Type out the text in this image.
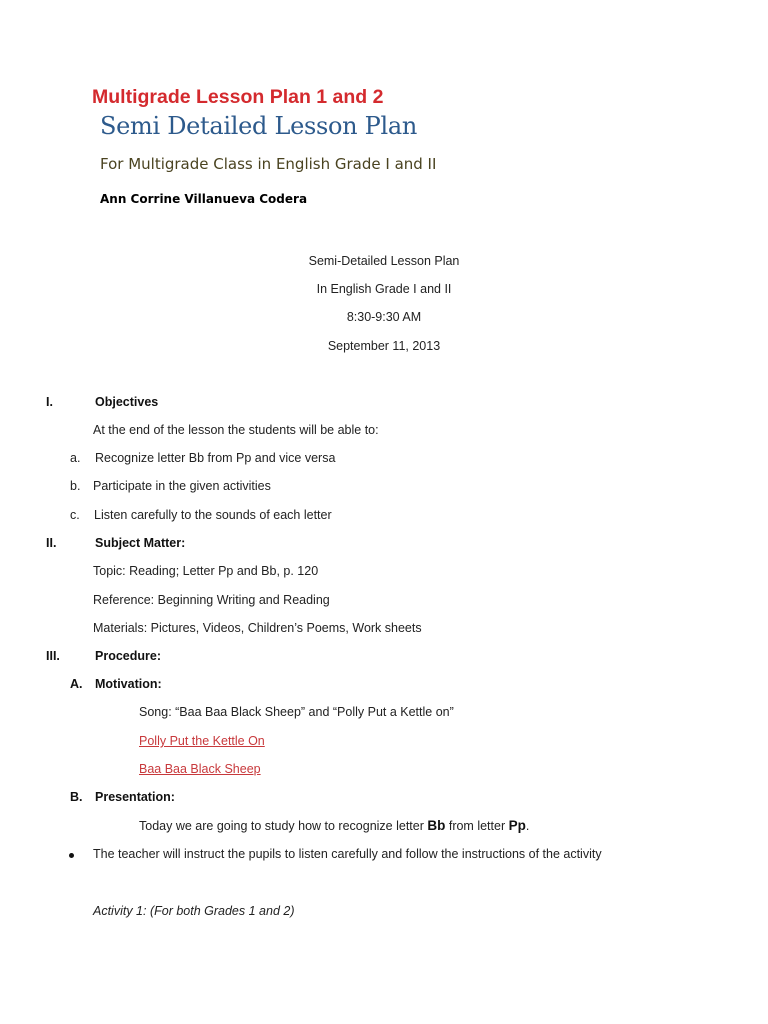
Multigrade Lesson Plan 1 and 2
Semi Detailed Lesson Plan
For Multigrade Class in English Grade I and II
Ann Corrine Villanueva Codera
Semi-Detailed Lesson Plan
In English Grade I and II
8:30-9:30 AM
September 11, 2013
I.	Objectives
At the end of the lesson the students will be able to:
a. Recognize letter Bb from Pp and vice versa
b. Participate in the given activities
c. Listen carefully to the sounds of each letter
II.	Subject Matter:
Topic: Reading; Letter Pp and Bb, p. 120
Reference: Beginning Writing and Reading
Materials: Pictures, Videos, Children’s Poems, Work sheets
III.	Procedure:
A. Motivation:
Song: “Baa Baa Black Sheep” and “Polly Put a Kettle on”
Polly Put the Kettle On
Baa Baa Black Sheep
B. Presentation:
Today we are going to study how to recognize letter Bb from letter Pp.
The teacher will instruct the pupils to listen carefully and follow the instructions of the activity
Activity 1: (For both Grades 1 and 2)
